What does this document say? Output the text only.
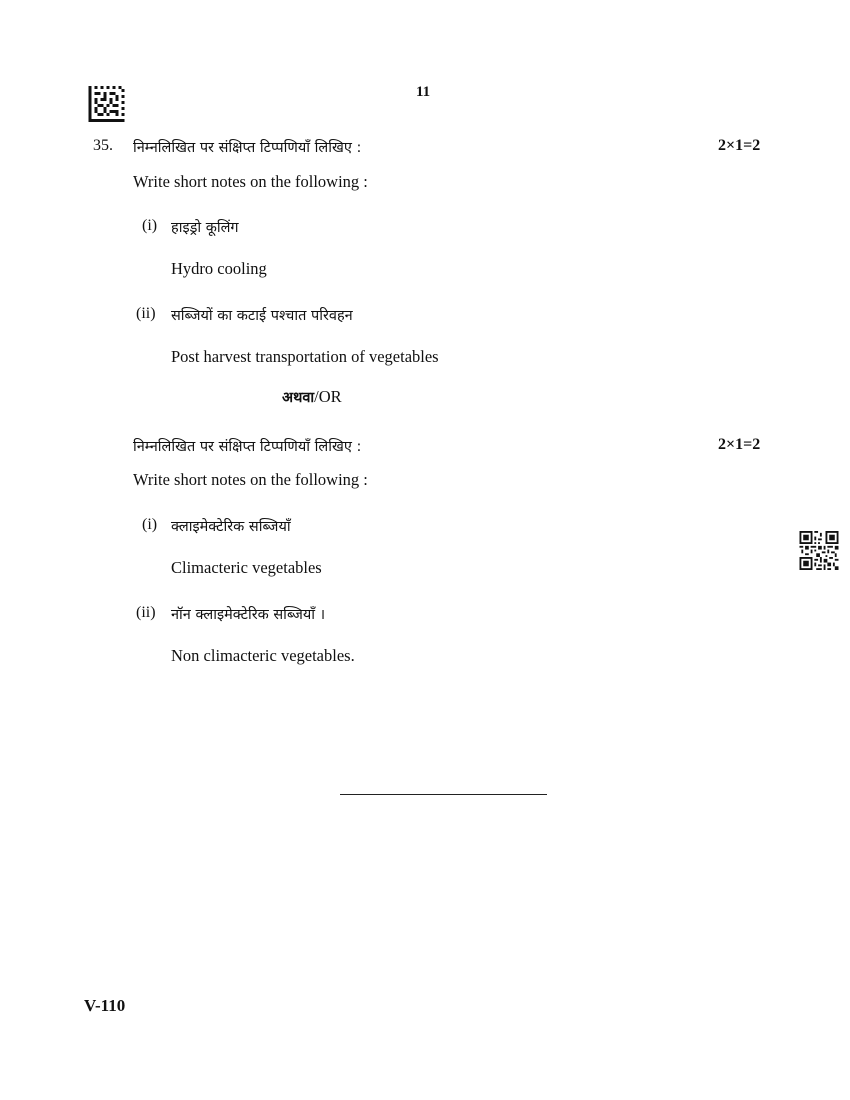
11
35. निम्नलिखित पर संक्षिप्त टिप्पणियाँ लिखिए :	2×1=2
Write short notes on the following :
(i) हाइड्रो कूलिंग
Hydro cooling
(ii) सब्जियों का कटाई पश्चात परिवहन
Post harvest transportation of vegetables
अथवा/OR
निम्नलिखित पर संक्षिप्त टिप्पणियाँ लिखिए :	2×1=2
Write short notes on the following :
(i) क्लाइमेक्टेरिक सब्जियाँ
Climacteric vegetables
(ii) नॉन क्लाइमेक्टेरिक सब्जियाँ ।
Non climacteric vegetables.
V-110
